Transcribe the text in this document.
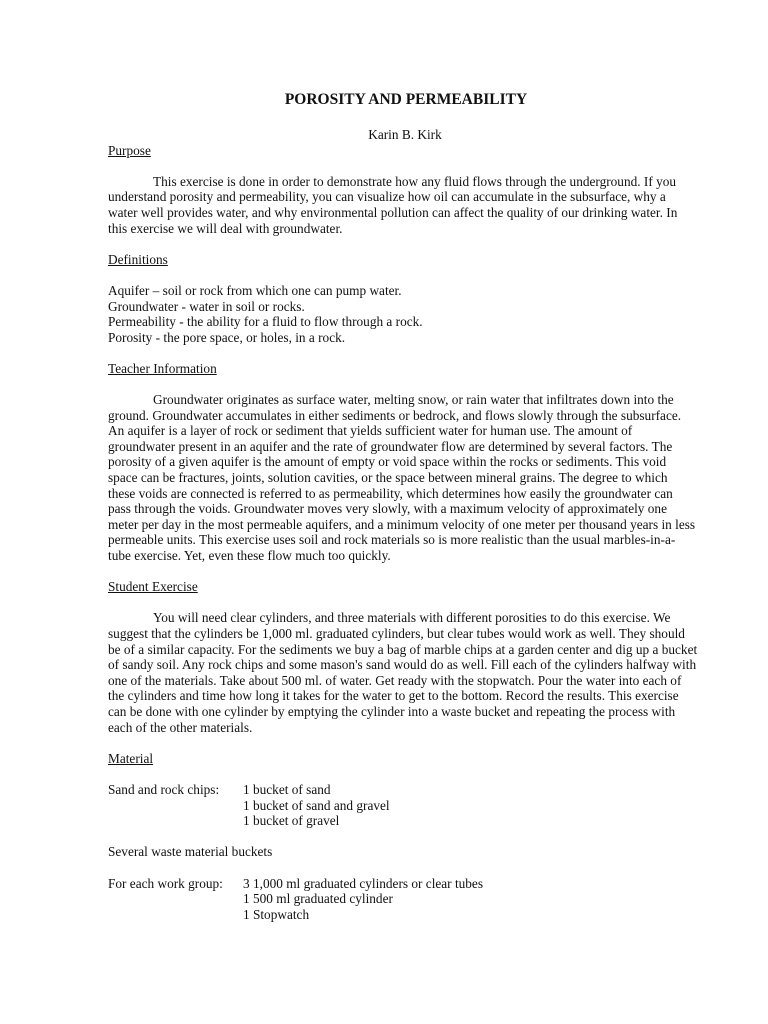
POROSITY AND PERMEABILITY
Karin B. Kirk
Purpose

This exercise is done in order to demonstrate how any fluid flows through the underground. If you understand porosity and permeability, you can visualize how oil can accumulate in the subsurface, why a water well provides water, and why environmental pollution can affect the quality of our drinking water. In this exercise we will deal with groundwater.

Definitions
Aquifer – soil or rock from which one can pump water.
Groundwater - water in soil or rocks.
Permeability - the ability for a fluid to flow through a rock.
Porosity - the pore space, or holes, in a rock.
Teacher Information

Groundwater originates as surface water, melting snow, or rain water that infiltrates down into the ground. Groundwater accumulates in either sediments or bedrock, and flows slowly through the subsurface. An aquifer is a layer of rock or sediment that yields sufficient water for human use. The amount of groundwater present in an aquifer and the rate of groundwater flow are determined by several factors. The porosity of a given aquifer is the amount of empty or void space within the rocks or sediments. This void space can be fractures, joints, solution cavities, or the space between mineral grains. The degree to which these voids are connected is referred to as permeability, which determines how easily the groundwater can pass through the voids. Groundwater moves very slowly, with a maximum velocity of approximately one meter per day in the most permeable aquifers, and a minimum velocity of one meter per thousand years in less permeable units. This exercise uses soil and rock materials so is more realistic than the usual marbles-in-a-tube exercise. Yet, even these flow much too quickly.

Student Exercise

You will need clear cylinders, and three materials with different porosities to do this exercise. We suggest that the cylinders be 1,000 ml. graduated cylinders, but clear tubes would work as well. They should be of a similar capacity. For the sediments we buy a bag of marble chips at a garden center and dig up a bucket of sandy soil. Any rock chips and some mason's sand would do as well. Fill each of the cylinders halfway with one of the materials. Take about 500 ml. of water. Get ready with the stopwatch. Pour the water into each of the cylinders and time how long it takes for the water to get to the bottom. Record the results. This exercise can be done with one cylinder by emptying the cylinder into a waste bucket and repeating the process with each of the other materials.

Material
Sand and rock chips:	1 bucket of sand
1 bucket of sand and gravel
1 bucket of gravel
Several waste material buckets
For each work group:	3 1,000 ml graduated cylinders or clear tubes
1 500 ml graduated cylinder
1 Stopwatch
